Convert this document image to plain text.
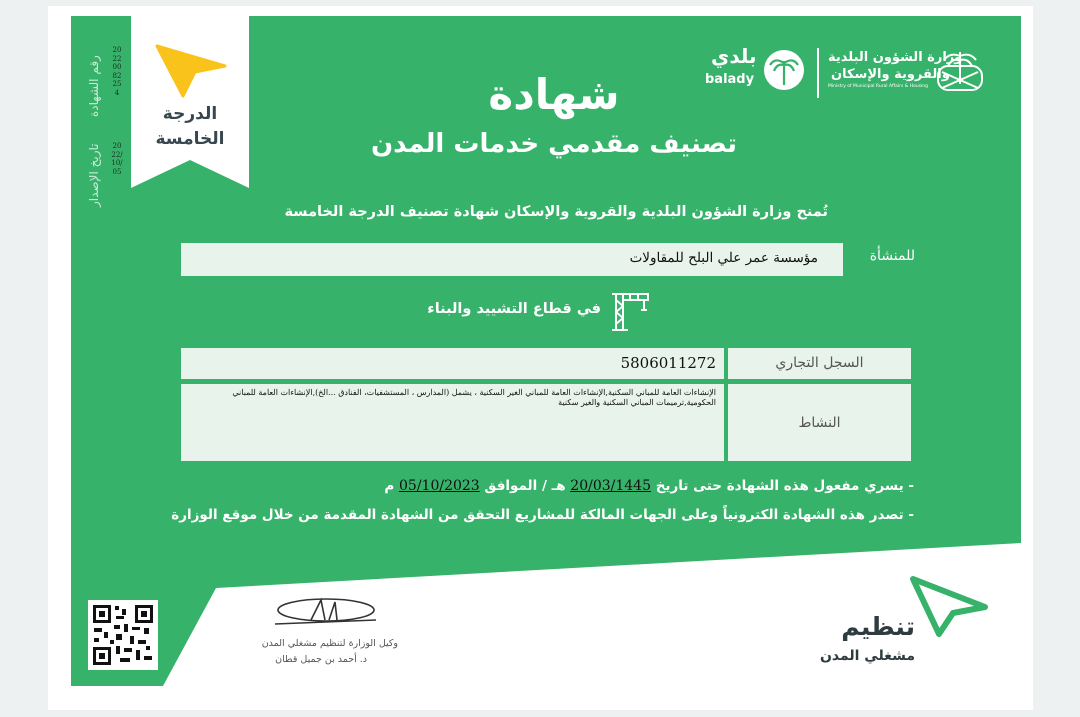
الدرجة
الخامسة
رقم الشهادة
تاريخ الإصدار
20220082254
2022/10/05
وزارة الشؤون البلدية
والقروية والإسكان
Ministry of Municipal Rural Affairs & Housing
بلدي
balady
شهادة
تصنيف مقدمي خدمات المدن
تُمنح وزارة الشؤون البلدية والقروية والإسكان شهادة تصنيف الدرجة الخامسة
للمنشأة
مؤسسة عمر علي البلح للمقاولات
في قطاع التشييد والبناء
5806011272	السجل التجاري
الإنشاءات العامة للمباني السكنية,الإنشاءات العامة للمباني الغير السكنية ، يشمل (المدارس ، المستشفيات، الفنادق ...الخ),الإنشاءات العامة للمباني الحكومية,ترميمات المباني السكنية والغير سكنية
النشاط
- يسري مفعول هذه الشهادة حتى تاريخ 20/03/1445 هـ / الموافق 05/10/2023 م
- تصدر هذه الشهادة الكترونياً وعلى الجهات المالكة للمشاريع التحقق من الشهادة المقدمة من خلال موقع الوزارة
وكيل الوزارة لتنظيم مشغلي المدن
د. أحمد بن جميل قطان
تنظيم
مشغلي المدن
